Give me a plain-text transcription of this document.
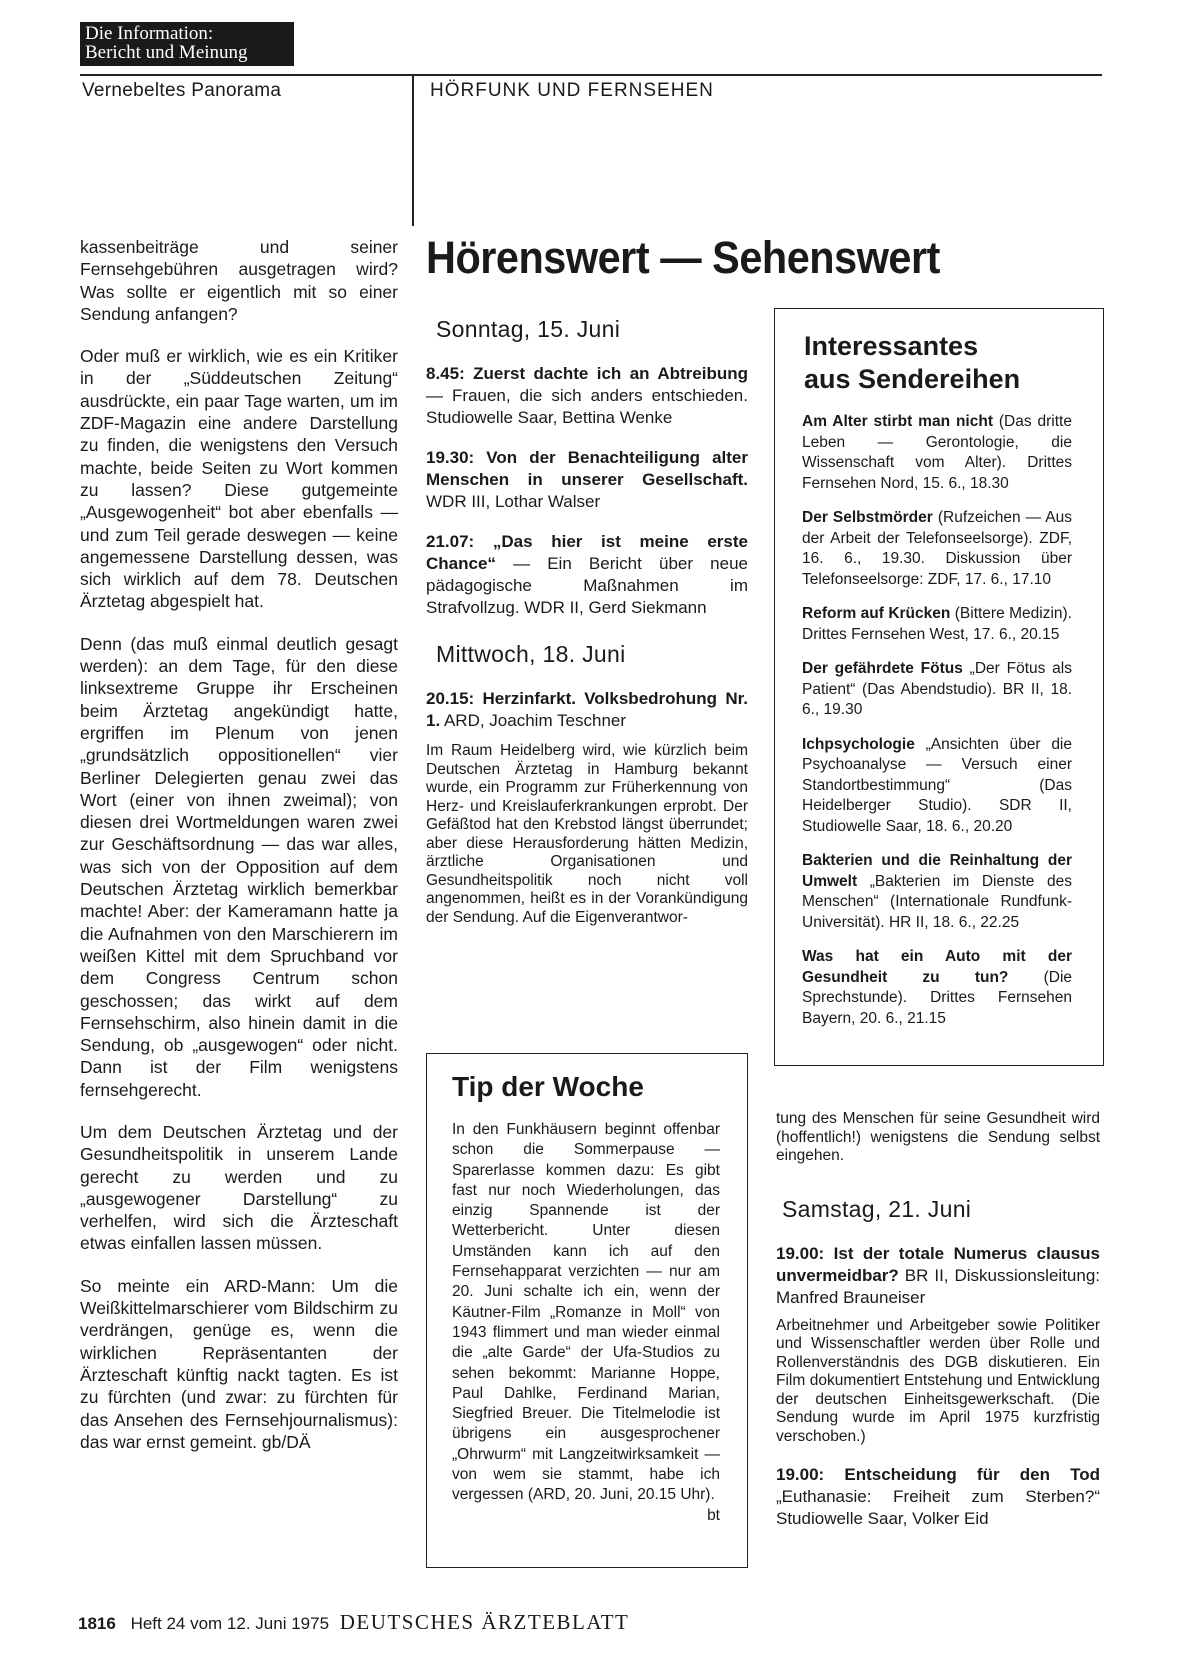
Die Information:
Bericht und Meinung
Vernebeltes Panorama	HÖRFUNK UND FERNSEHEN

kassenbeiträge und seiner Fernsehgebühren ausgetragen wird? Was sollte er eigentlich mit so einer Sendung anfangen?

Oder muß er wirklich, wie es ein Kritiker in der „Süddeutschen Zeitung“ ausdrückte, ein paar Tage warten, um im ZDF-Magazin eine andere Darstellung zu finden, die wenigstens den Versuch machte, beide Seiten zu Wort kommen zu lassen? Diese gutgemeinte „Ausgewogenheit“ bot aber ebenfalls — und zum Teil gerade deswegen — keine angemessene Darstellung dessen, was sich wirklich auf dem 78. Deutschen Ärztetag abgespielt hat.

Denn (das muß einmal deutlich gesagt werden): an dem Tage, für den diese linksextreme Gruppe ihr Erscheinen beim Ärztetag angekündigt hatte, ergriffen im Plenum von jenen „grundsätzlich oppositionellen“ vier Berliner Delegierten genau zwei das Wort (einer von ihnen zweimal); von diesen drei Wortmeldungen waren zwei zur Geschäftsordnung — das war alles, was sich von der Opposition auf dem Deutschen Ärztetag wirklich bemerkbar machte! Aber: der Kameramann hatte ja die Aufnahmen von den Marschierern im weißen Kittel mit dem Spruchband vor dem Congress Centrum schon geschossen; das wirkt auf dem Fernsehschirm, also hinein damit in die Sendung, ob „ausgewogen“ oder nicht. Dann ist der Film wenigstens fernsehgerecht.

Um dem Deutschen Ärztetag und der Gesundheitspolitik in unserem Lande gerecht zu werden und zu „ausgewogener Darstellung“ zu verhelfen, wird sich die Ärzteschaft etwas einfallen lassen müssen.

So meinte ein ARD-Mann: Um die Weißkittelmarschierer vom Bildschirm zu verdrängen, genüge es, wenn die wirklichen Repräsentanten der Ärzteschaft künftig nackt tagten. Es ist zu fürchten (und zwar: zu fürchten für das Ansehen des Fernsehjournalismus): das war ernst gemeint. gb/DÄ

Hörenswert — Sehenswert
Sonntag, 15. Juni
8.45: Zuerst dachte ich an Abtreibung — Frauen, die sich anders entschieden. Studiowelle Saar, Bettina Wenke
19.30: Von der Benachteiligung alter Menschen in unserer Gesellschaft. WDR III, Lothar Walser
21.07: „Das hier ist meine erste Chance“ — Ein Bericht über neue pädagogische Maßnahmen im Strafvollzug. WDR II, Gerd Siekmann
Mittwoch, 18. Juni
20.15: Herzinfarkt. Volksbedrohung Nr. 1. ARD, Joachim Teschner

Im Raum Heidelberg wird, wie kürzlich beim Deutschen Ärztetag in Hamburg bekannt wurde, ein Programm zur Früherkennung von Herz- und Kreislauferkrankungen erprobt. Der Gefäßtod hat den Krebstod längst überrundet; aber diese Herausforderung hätten Medizin, ärztliche Organisationen und Gesundheitspolitik noch nicht voll angenommen, heißt es in der Vorankündigung der Sendung. Auf die Eigenverantwor-

Tip der Woche
In den Funkhäusern beginnt offenbar schon die Sommerpause — Sparerlasse kommen dazu: Es gibt fast nur noch Wiederholungen, das einzig Spannende ist der Wetterbericht. Unter diesen Umständen kann ich auf den Fernsehapparat verzichten — nur am 20. Juni schalte ich ein, wenn der Käutner-Film „Romanze in Moll“ von 1943 flimmert und man wieder einmal die „alte Garde“ der Ufa-Studios zu sehen bekommt: Marianne Hoppe, Paul Dahlke, Ferdinand Marian, Siegfried Breuer. Die Titelmelodie ist übrigens ein ausgesprochener „Ohrwurm“ mit Langzeitwirksamkeit — von wem sie stammt, habe ich vergessen (ARD, 20. Juni, 20.15 Uhr).
bt
Interessantes
aus Sendereihen
Am Alter stirbt man nicht (Das dritte Leben — Gerontologie, die Wissenschaft vom Alter). Drittes Fernsehen Nord, 15. 6., 18.30
Der Selbstmörder (Rufzeichen — Aus der Arbeit der Telefonseelsorge). ZDF, 16. 6., 19.30. Diskussion über Telefonseelsorge: ZDF, 17. 6., 17.10
Reform auf Krücken (Bittere Medizin). Drittes Fernsehen West, 17. 6., 20.15
Der gefährdete Fötus „Der Fötus als Patient“ (Das Abendstudio). BR II, 18. 6., 19.30
Ichpsychologie „Ansichten über die Psychoanalyse — Versuch einer Standortbestimmung“ (Das Heidelberger Studio). SDR II, Studiowelle Saar, 18. 6., 20.20
Bakterien und die Reinhaltung der Umwelt „Bakterien im Dienste des Menschen“ (Internationale Rundfunk-Universität). HR II, 18. 6., 22.25
Was hat ein Auto mit der Gesundheit zu tun? (Die Sprechstunde). Drittes Fernsehen Bayern, 20. 6., 21.15

tung des Menschen für seine Gesundheit wird (hoffentlich!) wenigstens die Sendung selbst eingehen.

Samstag, 21. Juni
19.00: Ist der totale Numerus clausus unvermeidbar? BR II, Diskussionsleitung: Manfred Brauneiser

Arbeitnehmer und Arbeitgeber sowie Politiker und Wissenschaftler werden über Rolle und Rollenverständnis des DGB diskutieren. Ein Film dokumentiert Entstehung und Entwicklung der deutschen Einheitsgewerkschaft. (Die Sendung wurde im April 1975 kurzfristig verschoben.)

19.00: Entscheidung für den Tod „Euthanasie: Freiheit zum Sterben?“ Studiowelle Saar, Volker Eid
1816 Heft 24 vom 12. Juni 1975 DEUTSCHES ÄRZTEBLATT
